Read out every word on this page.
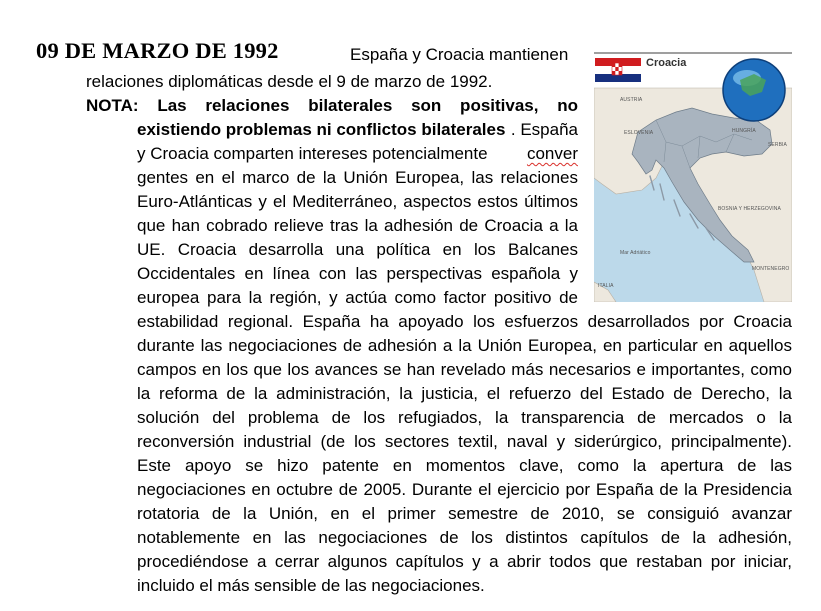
09 DE MARZO DE 1992	España y Croacia mantienen

relaciones diplomáticas desde el 9 de marzo de 1992.

NOTA: Las relaciones bilaterales son positivas, no

existiendo problemas ni conflictos bilaterales . España

y Croacia comparten intereses potencialmente conver

gentes en el marco de la Unión Europea, las relaciones

Euro-Atlánticas y el Mediterráneo, aspectos estos últimos

que han cobrado relieve tras la adhesión de Croacia a la

UE. Croacia desarrolla una política en los Balcanes

Occidentales en línea con las perspectivas española y

europea para la región, y actúa como factor positivo de

estabilidad regional. España ha apoyado los esfuerzos desarrollados por Croacia

durante las negociaciones de adhesión a la Unión Europea, en particular en aquellos

campos en los que los avances se han revelado más necesarios e importantes, como

la reforma de la administración, la justicia, el refuerzo del Estado de Derecho, la

solución del problema de los refugiados, la transparencia de mercados o la

reconversión industrial (de los sectores textil, naval y siderúrgico, principalmente).

Este apoyo se hizo patente en momentos clave, como la apertura de las

negociaciones en octubre de 2005. Durante el ejercicio por España de la Presidencia

rotatoria de la Unión, en el primer semestre de 2010, se consiguió avanzar

notablemente en las negociaciones de los distintos capítulos de la adhesión,

procediéndose a cerrar algunos capítulos y a abrir todos que restaban por iniciar,

incluido el más sensible de las negociaciones.

Croacia
AUSTRIA
HUNGRÍA
ESLOVENIA
SERBIA
BOSNIA Y HERZEGOVINA
Mar Adriático
MONTENEGRO
ITALIA
